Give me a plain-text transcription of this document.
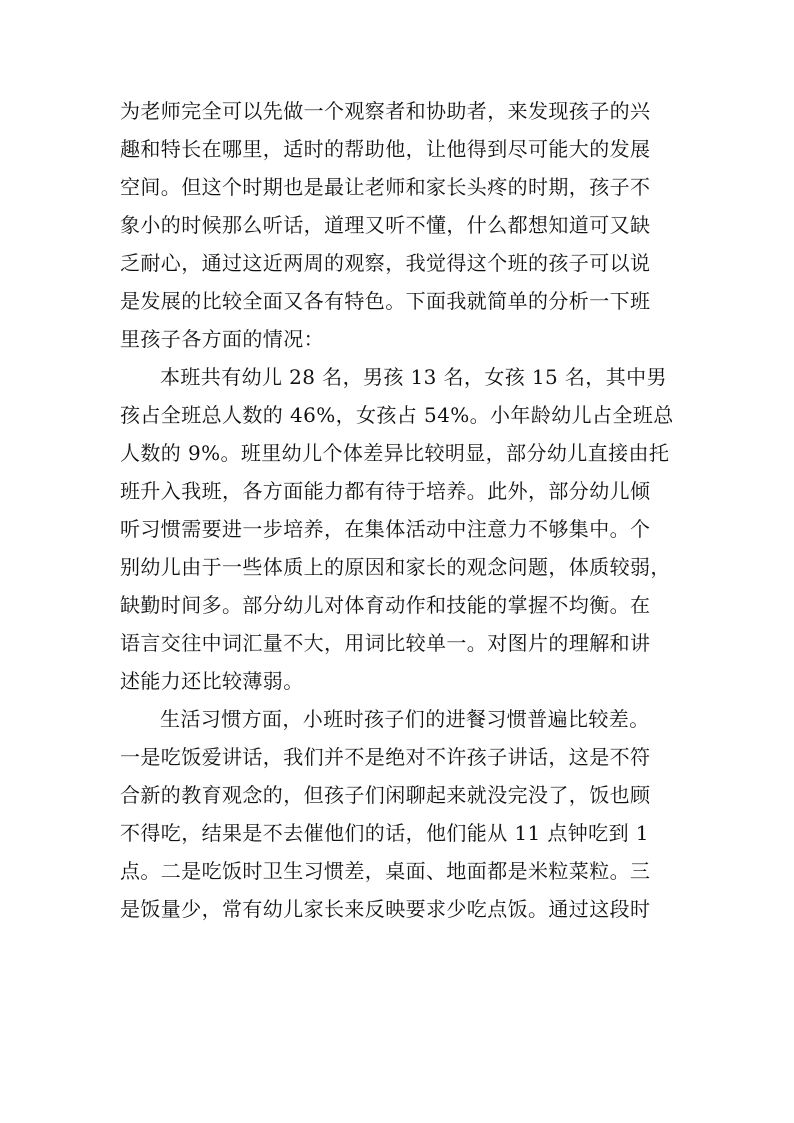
为老师完全可以先做一个观察者和协助者，来发现孩子的兴
趣和特长在哪里，适时的帮助他，让他得到尽可能大的发展
空间。但这个时期也是最让老师和家长头疼的时期，孩子不
象小的时候那么听话，道理又听不懂，什么都想知道可又缺
乏耐心，通过这近两周的观察，我觉得这个班的孩子可以说
是发展的比较全面又各有特色。下面我就简单的分析一下班
里孩子各方面的情况：
本班共有幼儿 28 名，男孩 13 名，女孩 15 名，其中男
孩占全班总人数的 46%，女孩占 54%。小年龄幼儿占全班总
人数的 9%。班里幼儿个体差异比较明显，部分幼儿直接由托
班升入我班，各方面能力都有待于培养。此外，部分幼儿倾
听习惯需要进一步培养，在集体活动中注意力不够集中。个
别幼儿由于一些体质上的原因和家长的观念问题，体质较弱，
缺勤时间多。部分幼儿对体育动作和技能的掌握不均衡。在
语言交往中词汇量不大，用词比较单一。对图片的理解和讲
述能力还比较薄弱。
生活习惯方面，小班时孩子们的进餐习惯普遍比较差。
一是吃饭爱讲话，我们并不是绝对不许孩子讲话，这是不符
合新的教育观念的，但孩子们闲聊起来就没完没了，饭也顾
不得吃，结果是不去催他们的话，他们能从 11 点钟吃到 1
点。二是吃饭时卫生习惯差，桌面、地面都是米粒菜粒。三
是饭量少，常有幼儿家长来反映要求少吃点饭。通过这段时
